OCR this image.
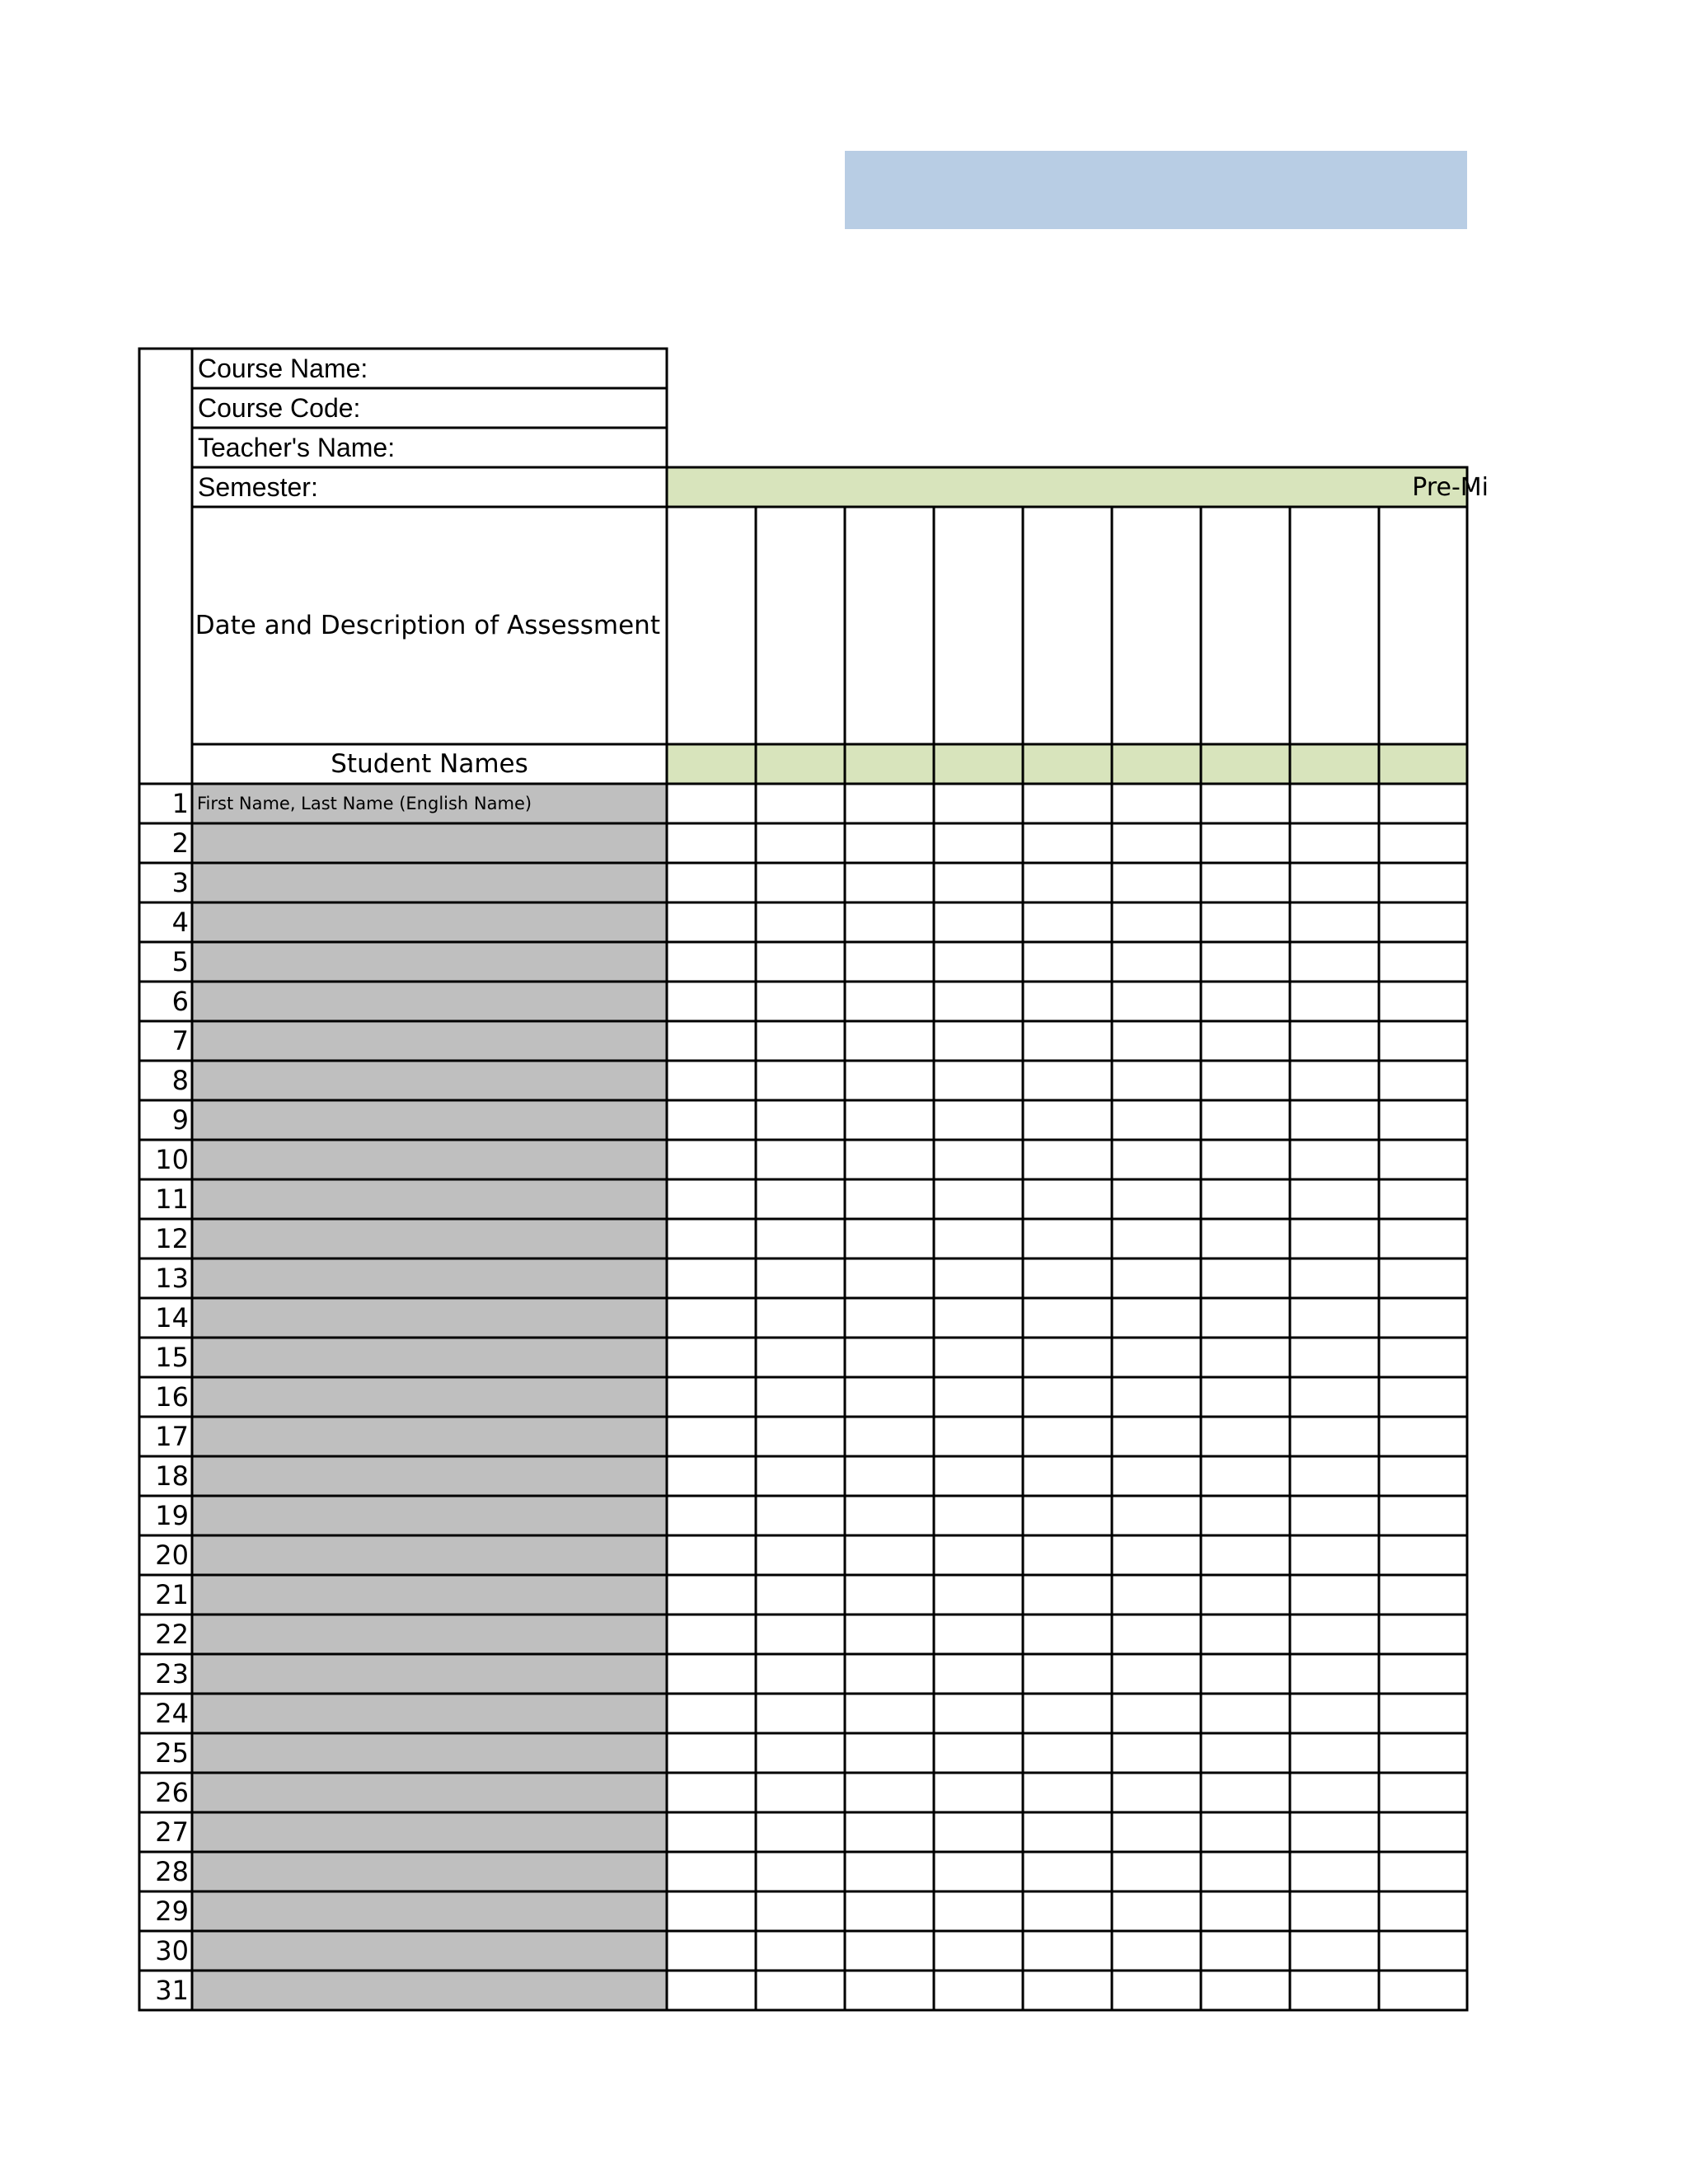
Course Name:
Course Code:
Teacher's Name:
Semester:	Pre-Mi
Date and Description of Assessment
Student Names
1 First Name, Last Name (English Name)
2
3
4
5
6
7
8
9
10
11
12
13
14
15
16
17
18
19
20
21
22
23
24
25
26
27
28
29
30
31
